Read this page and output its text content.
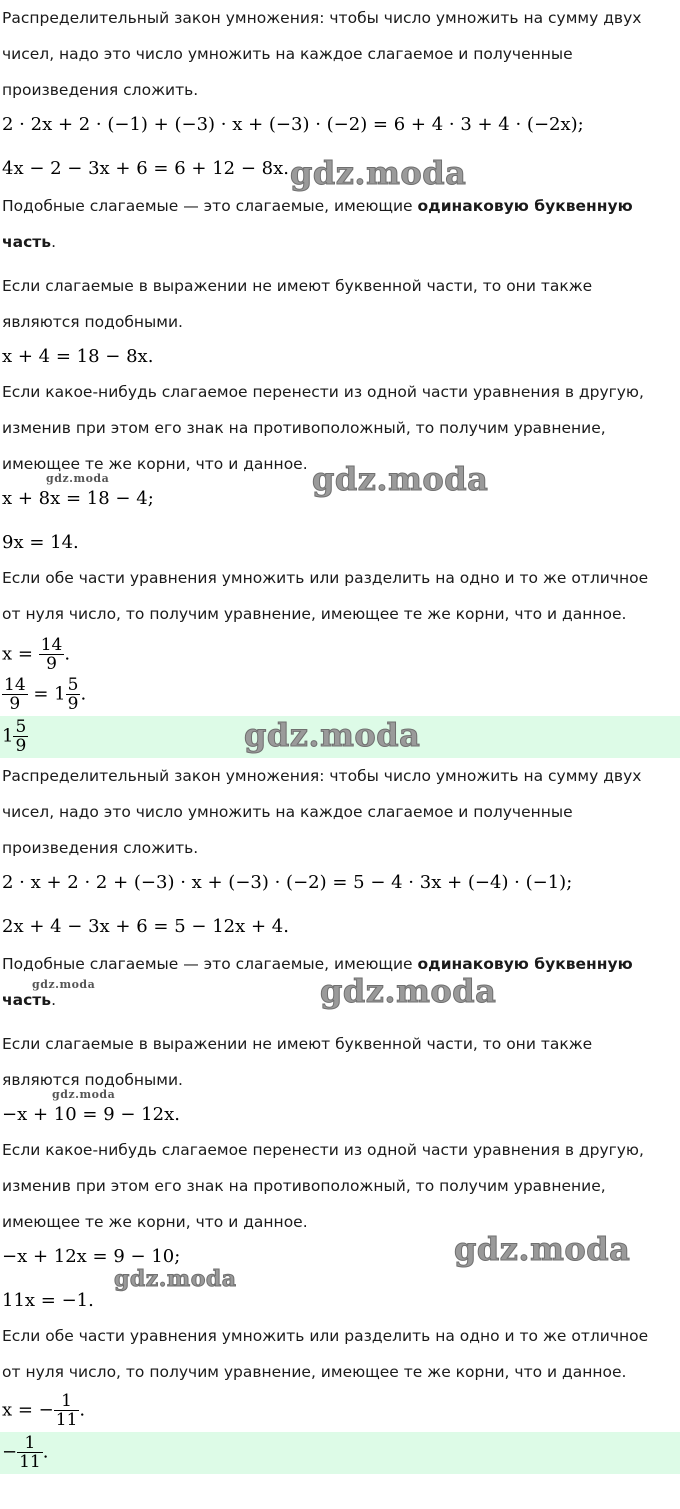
Распределительный закон умножения: чтобы число умножить на сумму двух
чисел, надо это число умножить на каждое слагаемое и полученные
произведения сложить.
2 · 2x + 2 · (−1) + (−3) · x + (−3) · (−2) = 6 + 4 · 3 + 4 · (−2x);
4x − 2 − 3x + 6 = 6 + 12 − 8x. gdz.moda
Подобные слагаемые — это слагаемые, имеющие одинаковую буквенную
часть.
Если слагаемые в выражении не имеют буквенной части, то они также
являются подобными.
x + 4 = 18 − 8x.
Если какое-нибудь слагаемое перенести из одной части уравнения в другую,
изменив при этом его знак на противоположный, то получим уравнение,
имеющее те же корни, что и данное.
gdz.moda	gdz.moda
x + 8x = 18 − 4;
9x = 14.
Если обе части уравнения умножить или разделить на одно и то же отличное
от нуля число, то получим уравнение, имеющее те же корни, что и данное.
$x = \frac{14}{9}$ .
$\frac{14}{9} = 1 \frac{5}{9}$ .
$1 \frac{5}{9}$	gdz.moda
Распределительный закон умножения: чтобы число умножить на сумму двух
чисел, надо это число умножить на каждое слагаемое и полученные
произведения сложить.
2 · x + 2 · 2 + (−3) · x + (−3) · (−2) = 5 − 4 · 3x + (−4) · (−1);
2x + 4 − 3x + 6 = 5 − 12x + 4.
Подобные слагаемые — это слагаемые, имеющие одинаковую буквенную
gdz.moda
часть.	gdz.moda
Если слагаемые в выражении не имеют буквенной части, то они также
являются подобными.
gdz.moda
−x + 10 = 9 − 12x.
Если какое-нибудь слагаемое перенести из одной части уравнения в другую,
изменив при этом его знак на противоположный, то получим уравнение,
имеющее те же корни, что и данное.
−x + 12x = 9 − 10;	gdz.moda
gdz.moda
11x = −1.
Если обе части уравнения умножить или разделить на одно и то же отличное
от нуля число, то получим уравнение, имеющее те же корни, что и данное.
x = − $\frac{1}{11}$ .
− $\frac{1}{11}$ .
